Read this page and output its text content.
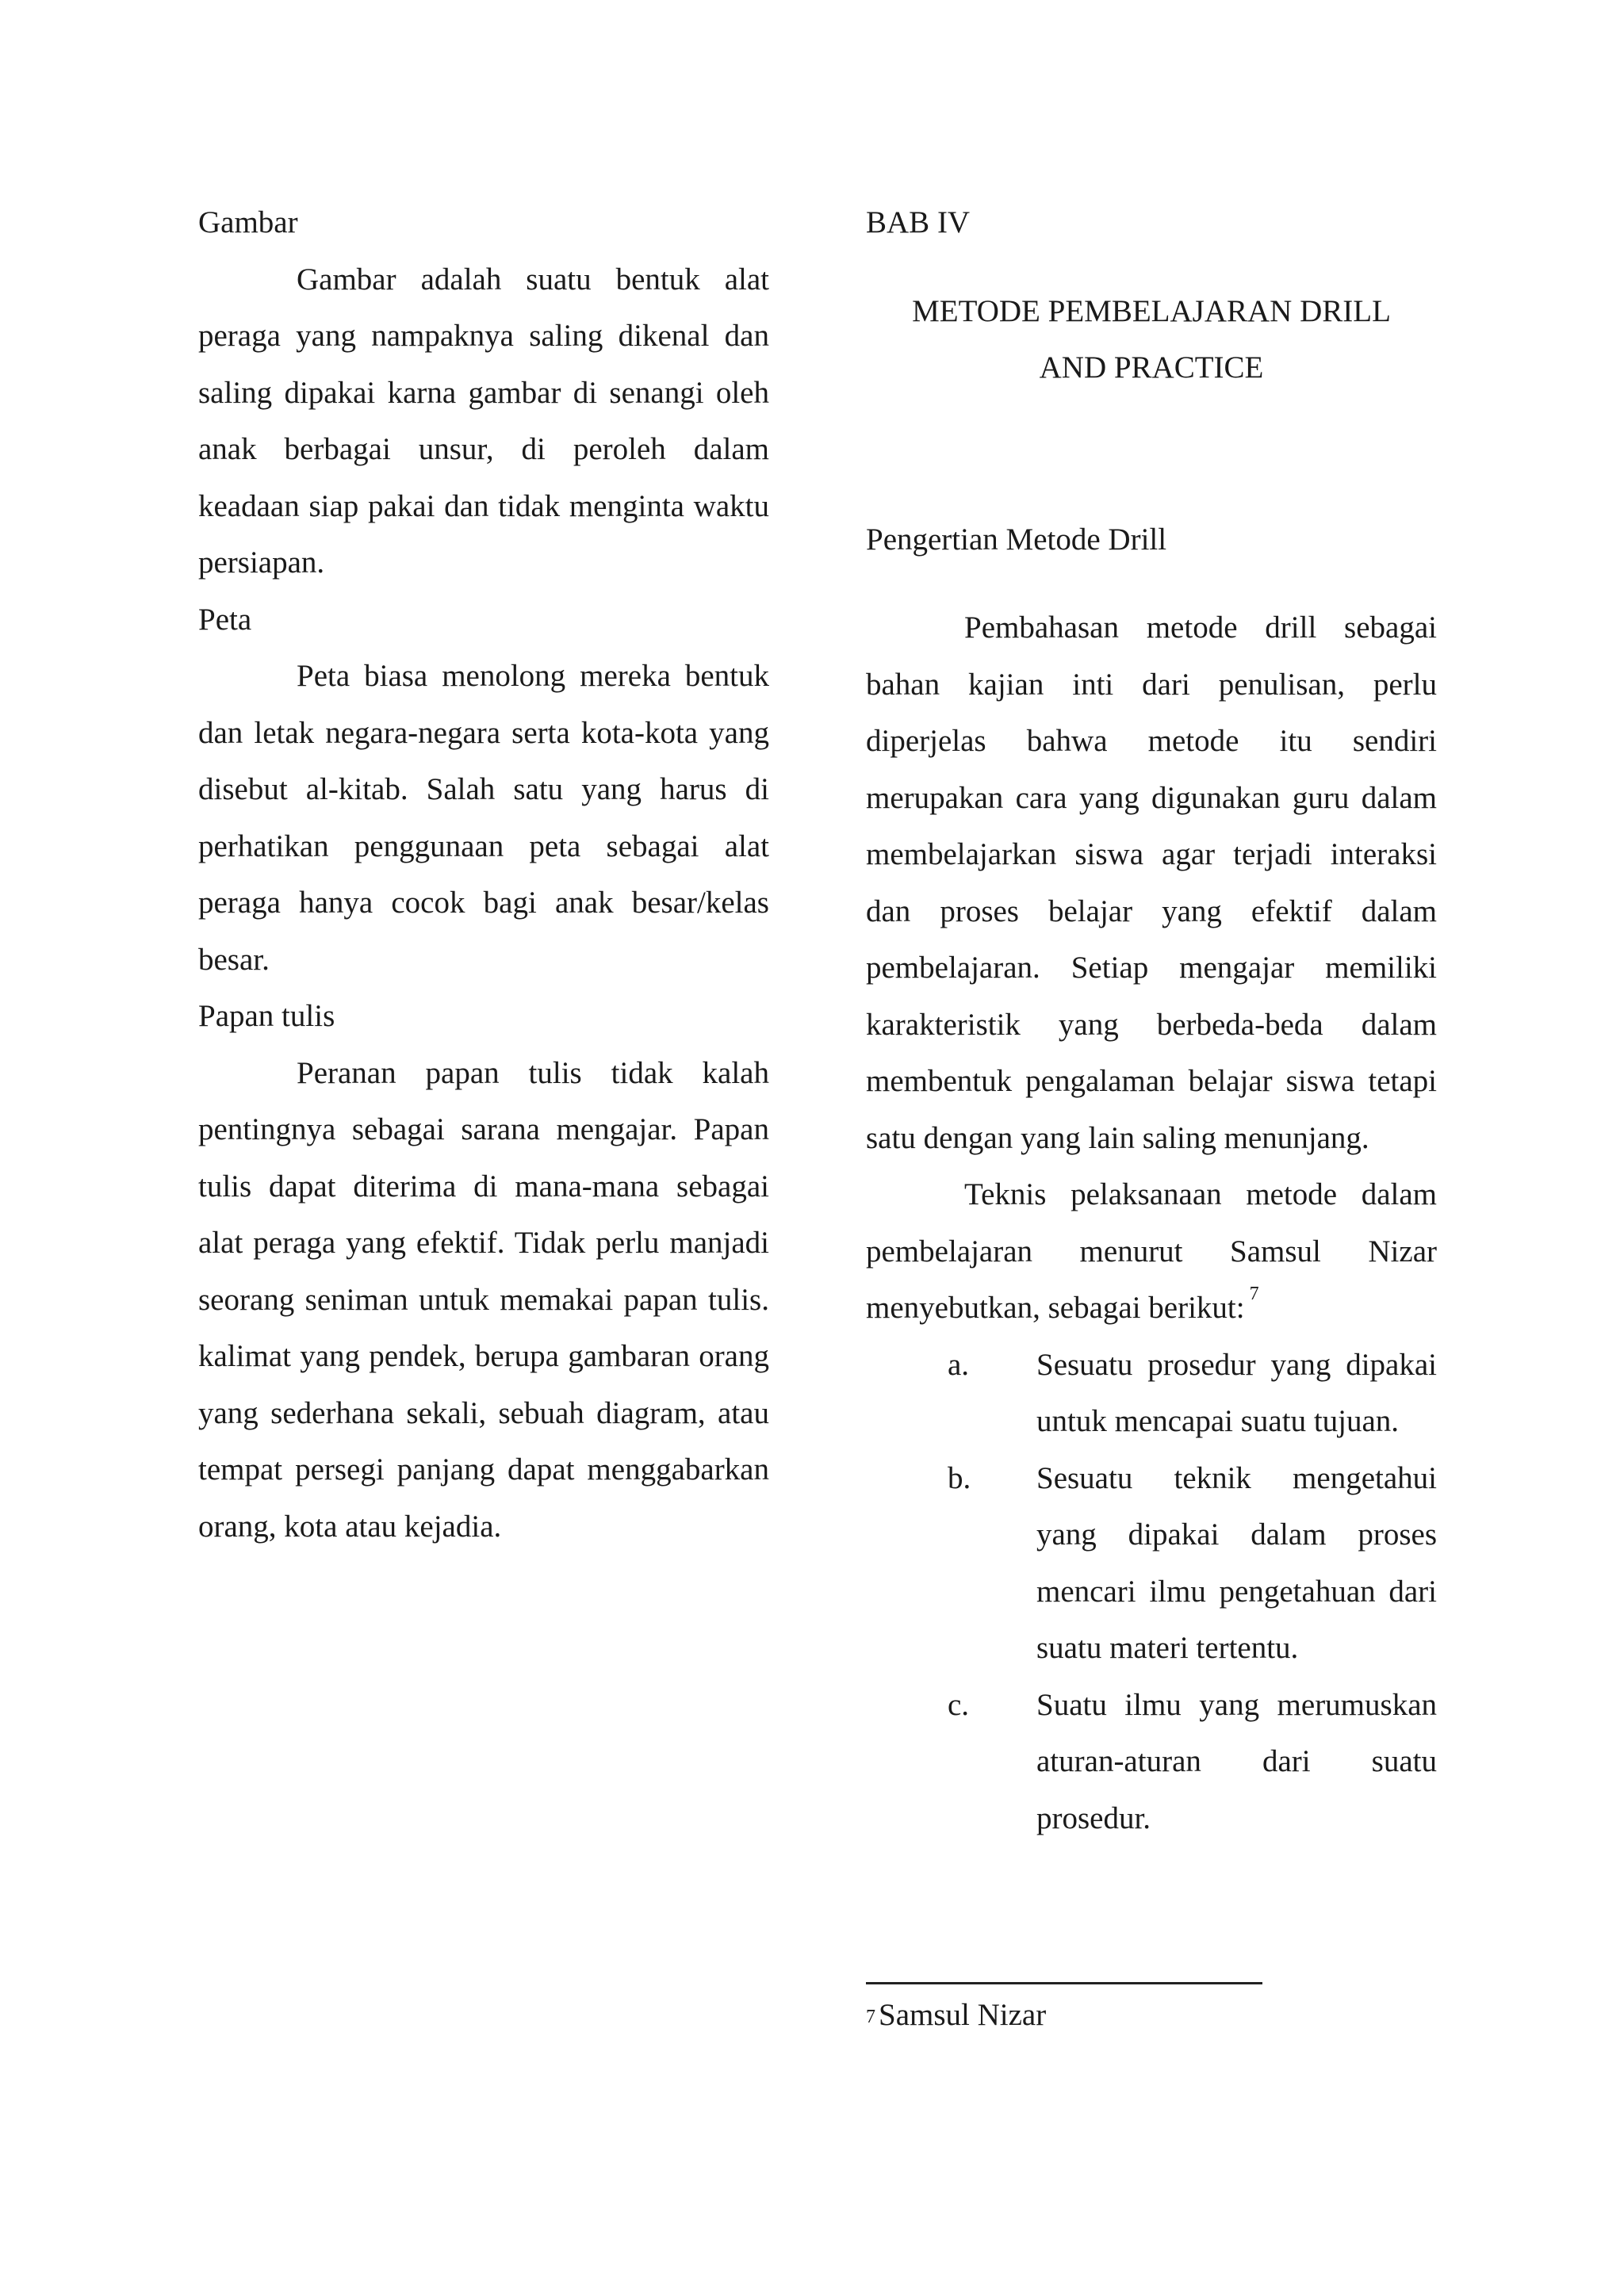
Gambar

Gambar adalah suatu bentuk alat peraga yang nampaknya saling dikenal dan saling dipakai karna gambar di senangi oleh anak berbagai unsur, di peroleh dalam keadaan siap pakai dan tidak menginta waktu persiapan.

Peta

Peta biasa menolong mereka bentuk dan letak negara-negara serta kota-kota yang disebut al-kitab. Salah satu yang harus di perhatikan penggunaan peta sebagai alat peraga hanya cocok bagi anak besar/kelas besar.

Papan tulis

Peranan papan tulis tidak kalah pentingnya sebagai sarana mengajar. Papan tulis dapat diterima di mana-mana sebagai alat peraga yang efektif. Tidak perlu manjadi seorang seniman untuk memakai papan tulis. kalimat yang pendek, berupa gambaran orang yang sederhana sekali, sebuah diagram, atau tempat persegi panjang dapat menggabarkan orang, kota atau kejadia.

BAB IV

METODE PEMBELAJARAN DRILL AND PRACTICE

Pengertian Metode Drill

Pembahasan metode drill sebagai bahan kajian inti dari penulisan, perlu diperjelas bahwa metode itu sendiri merupakan cara yang digunakan guru dalam membelajarkan siswa agar terjadi interaksi dan proses belajar yang efektif dalam pembelajaran. Setiap mengajar memiliki karakteristik yang berbeda-beda dalam membentuk pengalaman belajar siswa tetapi satu dengan yang lain saling menunjang.

Teknis pelaksanaan metode dalam pembelajaran menurut Samsul Nizar menyebutkan, sebagai berikut: $^7$

a.	Sesuatu prosedur yang dipakai untuk mencapai suatu tujuan.
b.	Sesuatu teknik mengetahui yang dipakai dalam proses mencari ilmu pengetahuan dari suatu materi tertentu.
c.	Suatu ilmu yang merumuskan aturan-aturan dari suatu prosedur.
$^7$ Samsul Nizar
